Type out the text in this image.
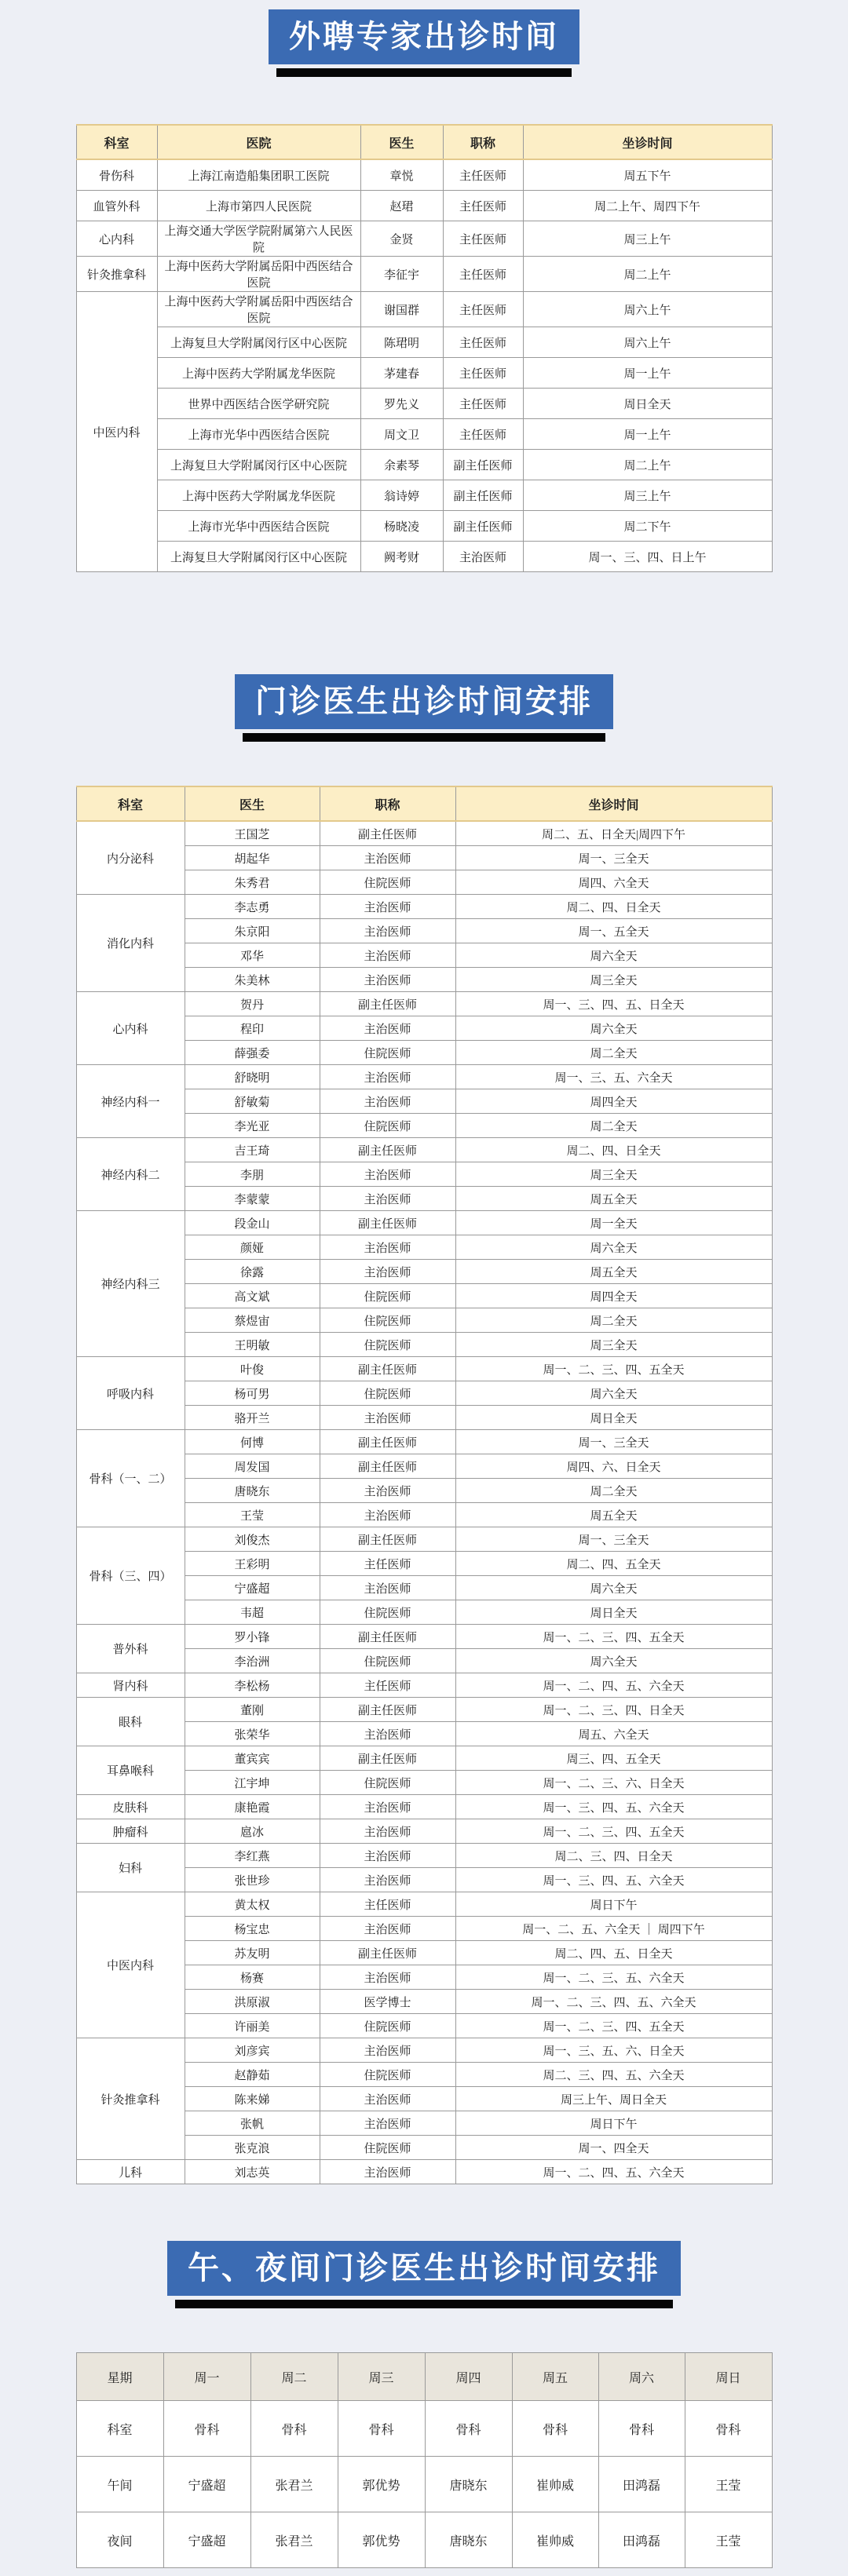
外聘专家出诊时间
科室	医院	医生	职称	坐诊时间
骨伤科	上海江南造船集团职工医院	章悦	主任医师	周五下午
血管外科	上海市第四人民医院	赵珺	主任医师	周二上午、周四下午
心内科	上海交通大学医学院附属第六人民医院	金贤	主任医师	周三上午
针灸推拿科	上海中医药大学附属岳阳中西医结合医院	李征宇	主任医师	周二上午
中医内科	上海中医药大学附属岳阳中西医结合医院	谢国群	主任医师	周六上午
	上海复旦大学附属闵行区中心医院	陈珺明	主任医师	周六上午
	上海中医药大学附属龙华医院	茅建春	主任医师	周一上午
	世界中西医结合医学研究院	罗先义	主任医师	周日全天
	上海市光华中西医结合医院	周文卫	主任医师	周一上午
	上海复旦大学附属闵行区中心医院	余素琴	副主任医师	周二上午
	上海中医药大学附属龙华医院	翁诗婷	副主任医师	周三上午
	上海市光华中西医结合医院	杨晓凌	副主任医师	周二下午
	上海复旦大学附属闵行区中心医院	阙考财	主治医师	周一、三、四、日上午
门诊医生出诊时间安排
科室	医生	职称	坐诊时间
内分泌科	王国芝	副主任医师	周二、五、日全天|周四下午
	胡起华	主治医师	周一、三全天
	朱秀君	住院医师	周四、六全天
消化内科	李志勇	主治医师	周二、四、日全天
	朱京阳	主治医师	周一、五全天
	邓华	主治医师	周六全天
	朱美林	主治医师	周三全天
心内科	贺丹	副主任医师	周一、三、四、五、日全天
	程印	主治医师	周六全天
	薛强委	住院医师	周二全天
神经内科一	舒晓明	主治医师	周一、三、五、六全天
	舒敏菊	主治医师	周四全天
	李光亚	住院医师	周二全天
神经内科二	吉王琦	副主任医师	周二、四、日全天
	李朋	主治医师	周三全天
	李蒙蒙	主治医师	周五全天
神经内科三	段金山	副主任医师	周一全天
	颜娅	主治医师	周六全天
	徐露	主治医师	周五全天
	高文斌	住院医师	周四全天
	蔡煜宙	住院医师	周二全天
	王明敏	住院医师	周三全天
呼吸内科	叶俊	副主任医师	周一、二、三、四、五全天
	杨可男	住院医师	周六全天
	骆开兰	主治医师	周日全天
骨科（一、二）	何博	副主任医师	周一、三全天
	周发国	副主任医师	周四、六、日全天
	唐晓东	主治医师	周二全天
	王莹	主治医师	周五全天
骨科（三、四）	刘俊杰	副主任医师	周一、三全天
	王彩明	主任医师	周二、四、五全天
	宁盛超	主治医师	周六全天
	韦超	住院医师	周日全天
普外科	罗小锋	副主任医师	周一、二、三、四、五全天
	李治洲	住院医师	周六全天
肾内科	李松杨	主任医师	周一、二、四、五、六全天
眼科	董刚	副主任医师	周一、二、三、四、日全天
	张荣华	主治医师	周五、六全天
耳鼻喉科	董宾宾	副主任医师	周三、四、五全天
	江宇坤	住院医师	周一、二、三、六、日全天
皮肤科	康艳霞	主治医师	周一、三、四、五、六全天
肿瘤科	扈冰	主治医师	周一、二、三、四、五全天
妇科	李红燕	主治医师	周二、三、四、日全天
	张世珍	主治医师	周一、三、四、五、六全天
中医内科	黄太权	主任医师	周日下午
	杨宝忠	主治医师	周一、二、五、六全天 ｜ 周四下午
	苏友明	副主任医师	周二、四、五、日全天
	杨赛	主治医师	周一、二、三、五、六全天
	洪原淑	医学博士	周一、二、三、四、五、六全天
	许丽美	住院医师	周一、二、三、四、五全天
针灸推拿科	刘彦宾	主治医师	周一、三、五、六、日全天
	赵静茹	住院医师	周二、三、四、五、六全天
	陈来娣	主治医师	周三上午、周日全天
	张帆	主治医师	周日下午
	张克浪	住院医师	周一、四全天
儿科	刘志英	主治医师	周一、二、四、五、六全天
午、夜间门诊医生出诊时间安排
星期	周一	周二	周三	周四	周五	周六	周日
科室	骨科	骨科	骨科	骨科	骨科	骨科	骨科
午间	宁盛超	张君兰	郭优势	唐晓东	崔帅威	田鸿磊	王莹
夜间	宁盛超	张君兰	郭优势	唐晓东	崔帅威	田鸿磊	王莹
